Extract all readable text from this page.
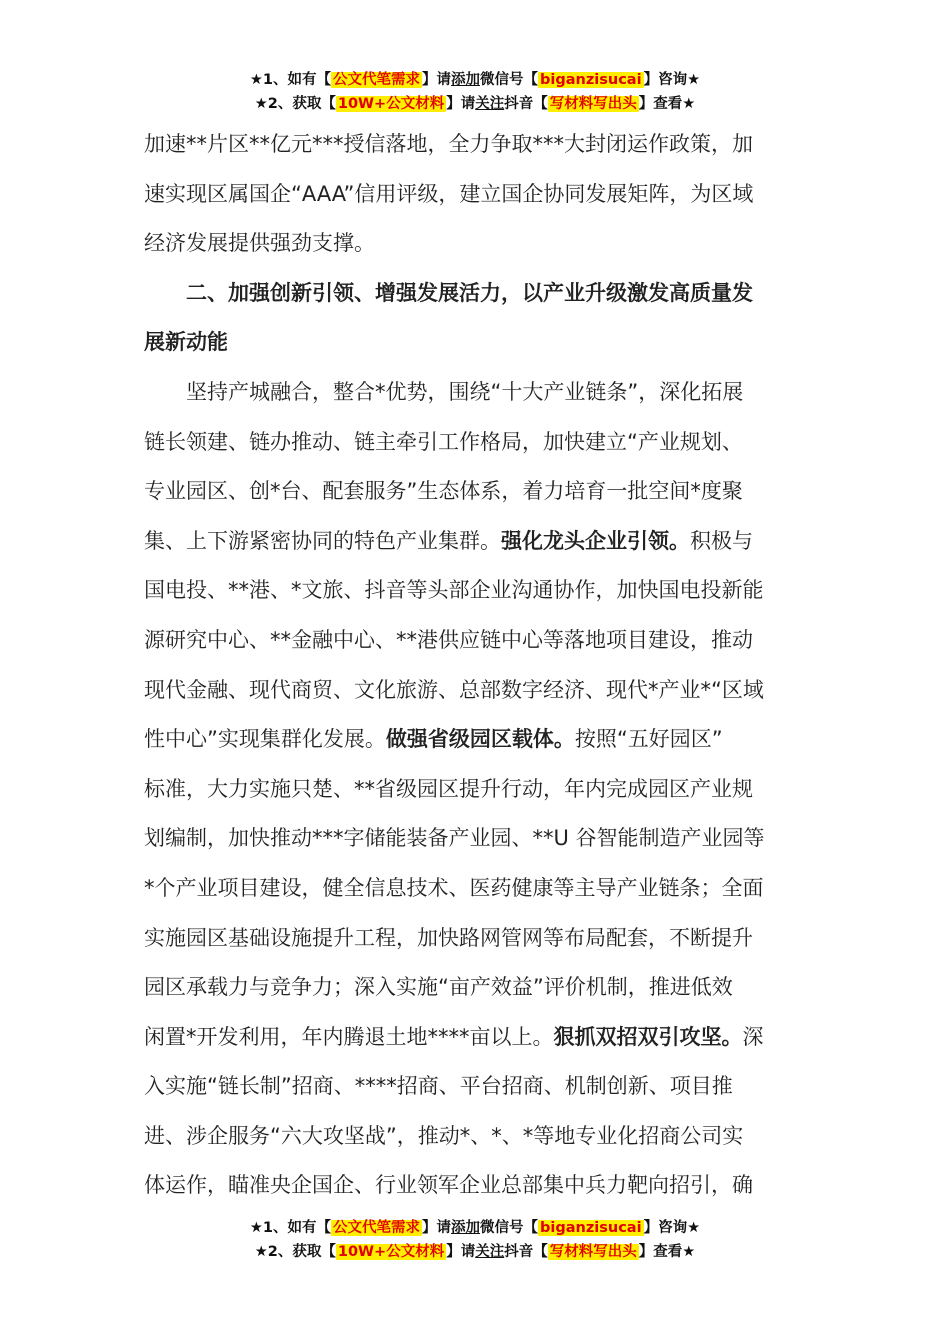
★1、如有【 公文代笔需求 】请添加微信号【 biganzisucai 】咨询★
★2、获取【 10W+公文材料 】请关注抖音【 写材料写出头 】查看★
加速**片区**亿元***授信落地，全力争取***大封闭运作政策，加
速实现区属国企“AAA”信用评级，建立国企协同发展矩阵，为区域
经济发展提供强劲支撑。
　　二、加强创新引领、增强发展活力，以产业升级激发高质量发
展新动能
　　坚持产城融合，整合*优势，围绕“十大产业链条”，深化拓展
链长领建、链办推动、链主牵引工作格局，加快建立“产业规划、
专业园区、创*台、配套服务”生态体系，着力培育一批空间*度聚
集、上下游紧密协同的特色产业集群。强化龙头企业引领。积极与
国电投、**港、*文旅、抖音等头部企业沟通协作，加快国电投新能
源研究中心、**金融中心、**港供应链中心等落地项目建设，推动
现代金融、现代商贸、文化旅游、总部数字经济、现代*产业*“区域
性中心”实现集群化发展。做强省级园区载体。按照“五好园区”
标准，大力实施只楚、**省级园区提升行动，年内完成园区产业规
划编制，加快推动***字储能装备产业园、**U 谷智能制造产业园等
*个产业项目建设，健全信息技术、医药健康等主导产业链条；全面
实施园区基础设施提升工程，加快路网管网等布局配套，不断提升
园区承载力与竞争力；深入实施“亩产效益”评价机制，推进低效
闲置*开发利用，年内腾退土地****亩以上。狠抓双招双引攻坚。深
入实施“链长制”招商、****招商、平台招商、机制创新、项目推
进、涉企服务“六大攻坚战”，推动*、*、*等地专业化招商公司实
体运作，瞄准央企国企、行业领军企业总部集中兵力靶向招引，确
★1、如有【 公文代笔需求 】请添加微信号【 biganzisucai 】咨询★
★2、获取【 10W+公文材料 】请关注抖音【 写材料写出头 】查看★
